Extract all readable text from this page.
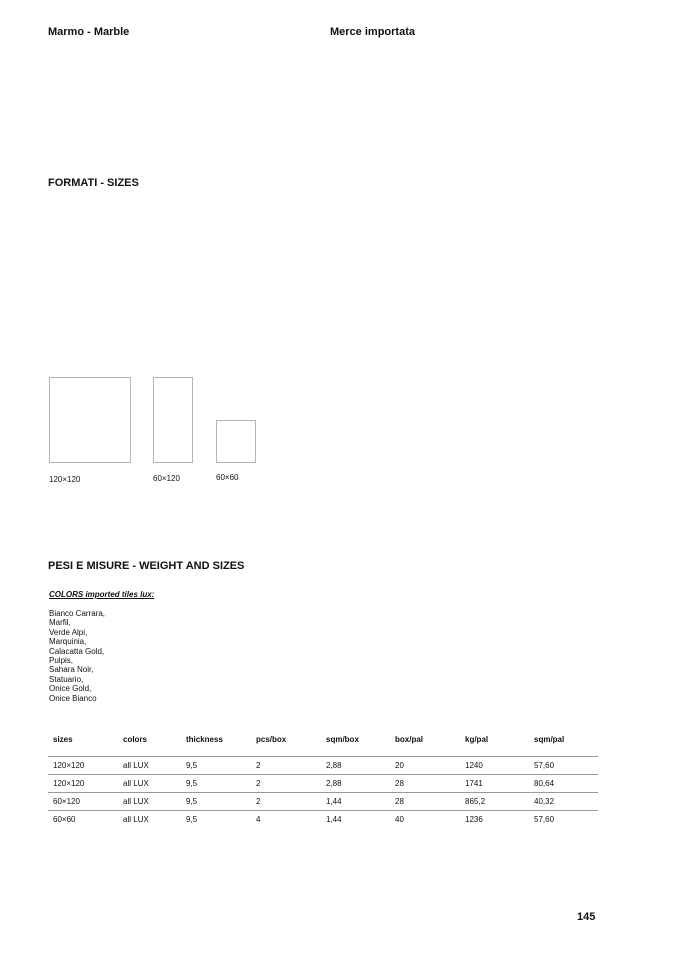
Marmo - Marble	Merce importata
FORMATI - SIZES
120×120	60×120	60×60
PESI E MISURE - WEIGHT AND SIZES
COLORS imported tiles lux:
Bianco Carrara,
Marfil,
Verde Alpi,
Marquinia,
Calacatta Gold,
Pulpis,
Sahara Noir,
Statuario,
Onice Gold,
Onice Bianco
sizes	colors	thickness	pcs/box	sqm/box	box/pal	kg/pal	sqm/pal
120×120	all LUX	9,5	2	2,88	20	1240	57,60
120×120	all LUX	9,5	2	2,88	28	1741	80,64
60×120	all LUX	9,5	2	1,44	28	865,2	40,32
60×60	all LUX	9,5	4	1,44	40	1236	57,60
145
